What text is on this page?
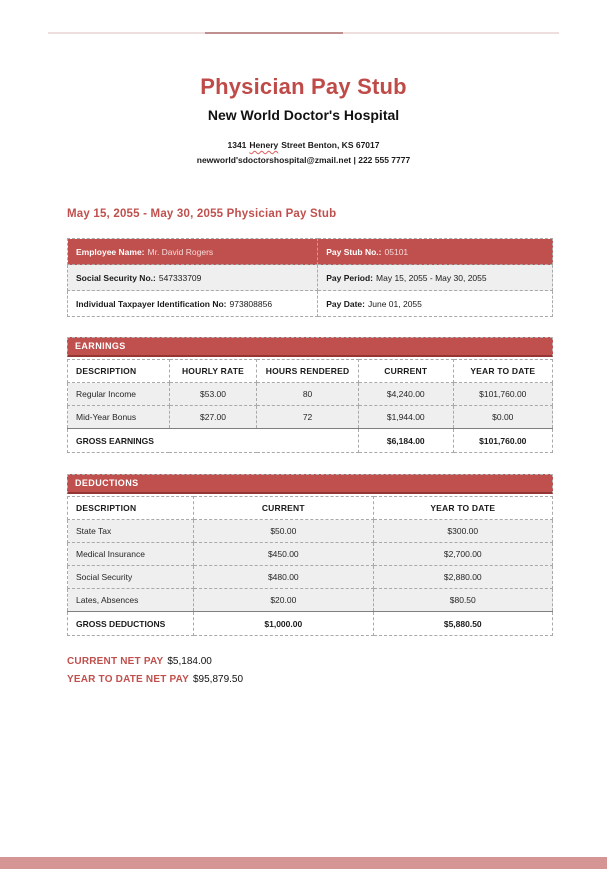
Physician Pay Stub
New World Doctor's Hospital
1341 Henery Street Benton, KS 67017
newworld'sdoctorshospital@zmail.net | 222 555 7777
May 15, 2055 - May 30, 2055 Physician Pay Stub
Employee Name: Mr. David Rogers	Pay Stub No.: 05101
Social Security No.: 547333709	Pay Period: May 15, 2055 - May 30, 2055
Individual Taxpayer Identification No: 973808856	Pay Date: June 01, 2055
EARNINGS
DESCRIPTION	HOURLY RATE	HOURS RENDERED	CURRENT	YEAR TO DATE
Regular Income	$53.00	80	$4,240.00	$101,760.00
Mid-Year Bonus	$27.00	72	$1,944.00	$0.00
GROSS EARNINGS			$6,184.00	$101,760.00
DEDUCTIONS
DESCRIPTION	CURRENT	YEAR TO DATE
State Tax	$50.00	$300.00
Medical Insurance	$450.00	$2,700.00
Social Security	$480.00	$2,880.00
Lates, Absences	$20.00	$80.50
GROSS DEDUCTIONS	$1,000.00	$5,880.50
CURRENT NET PAY $5,184.00
YEAR TO DATE NET PAY $95,879.50
